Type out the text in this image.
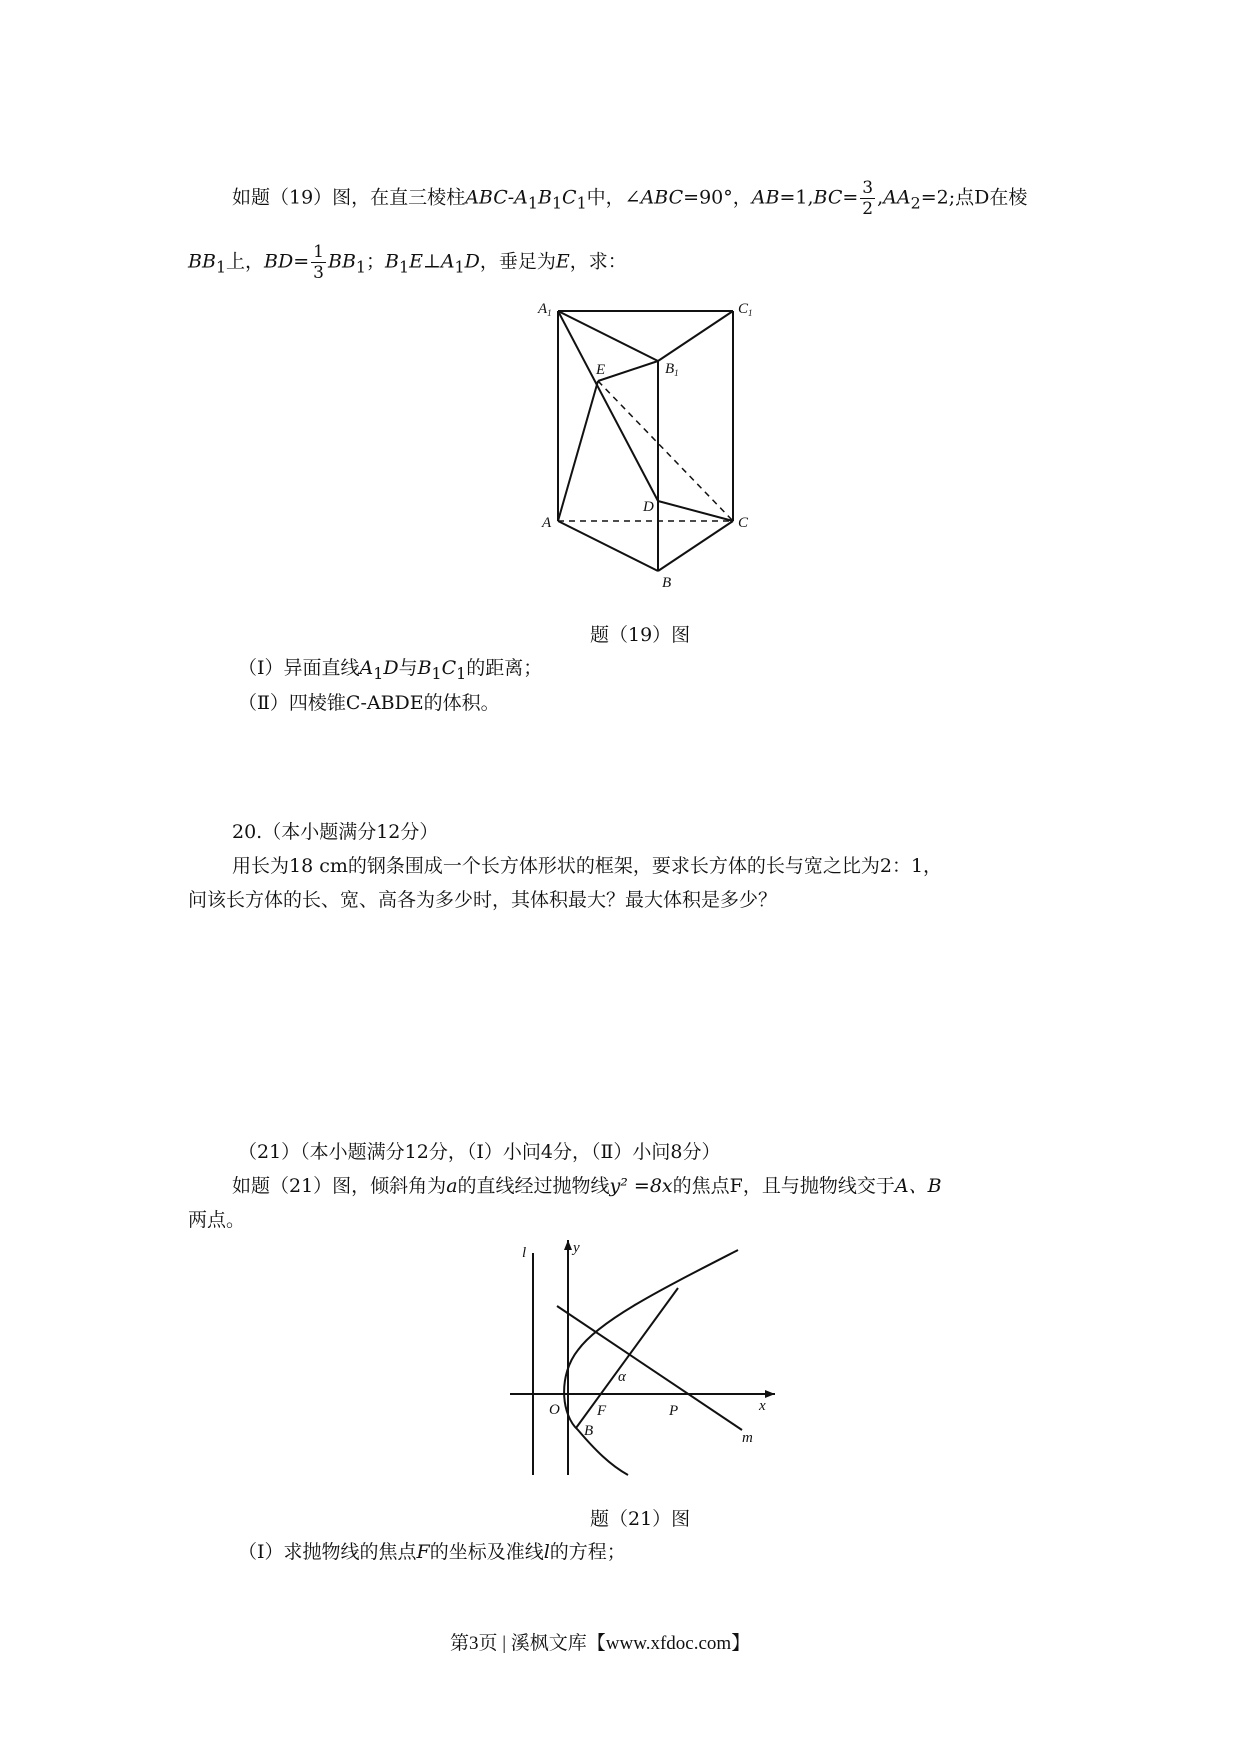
如题（19）图，在直三棱柱ABC-$A_1B_1C_1$中，∠ABC=90°，$AB=1,BC= \frac{3}{2} ,AA_2=2$;点D在棱
$BB_1$上，$BD= \frac{1}{3} BB_1$；$B_1E\perp A_1D$，垂足为E，求：
$A_1$	$C_1$
$B_1$
E
D
A	C
B
题（19）图
（Ⅰ）异面直线$A_1D$与$B_1C_1$的距离；
（Ⅱ）四棱锥C-ABDE的体积。
20.（本小题满分12分）
用长为18 cm的钢条围成一个长方体形状的框架，要求长方体的长与宽之比为2：1，
问该长方体的长、宽、高各为多少时，其体积最大？最大体积是多少？
（21）（本小题满分12分，（Ⅰ）小问4分，（Ⅱ）小问8分）
如题（21）图，倾斜角为a的直线经过抛物线y² =8x的焦点F，且与抛物线交于A、B
两点。
l	y
α
O F	P	x
B	m
题（21）图
（Ⅰ）求抛物线的焦点F的坐标及准线l的方程；
第3页 | 溪枫文库【www.xfdoc.com】
